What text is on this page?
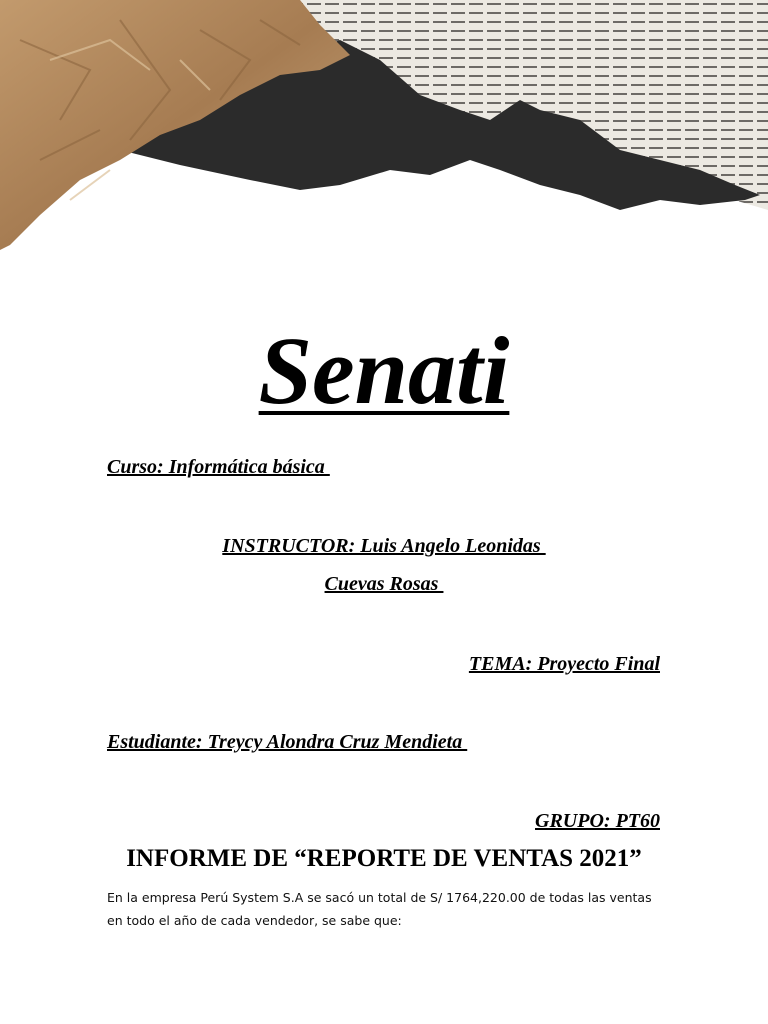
Senati

Curso: Informática básica

INSTRUCTOR: Luis Angelo Leonidas

Cuevas Rosas

TEMA: Proyecto Final

Estudiante: Treycy Alondra Cruz Mendieta

GRUPO: PT60

INFORME DE “REPORTE DE VENTAS 2021”

En la empresa Perú System S.A se sacó un total de S/ 1764,220.00 de todas las ventas en todo el año de cada vendedor, se sabe que:
